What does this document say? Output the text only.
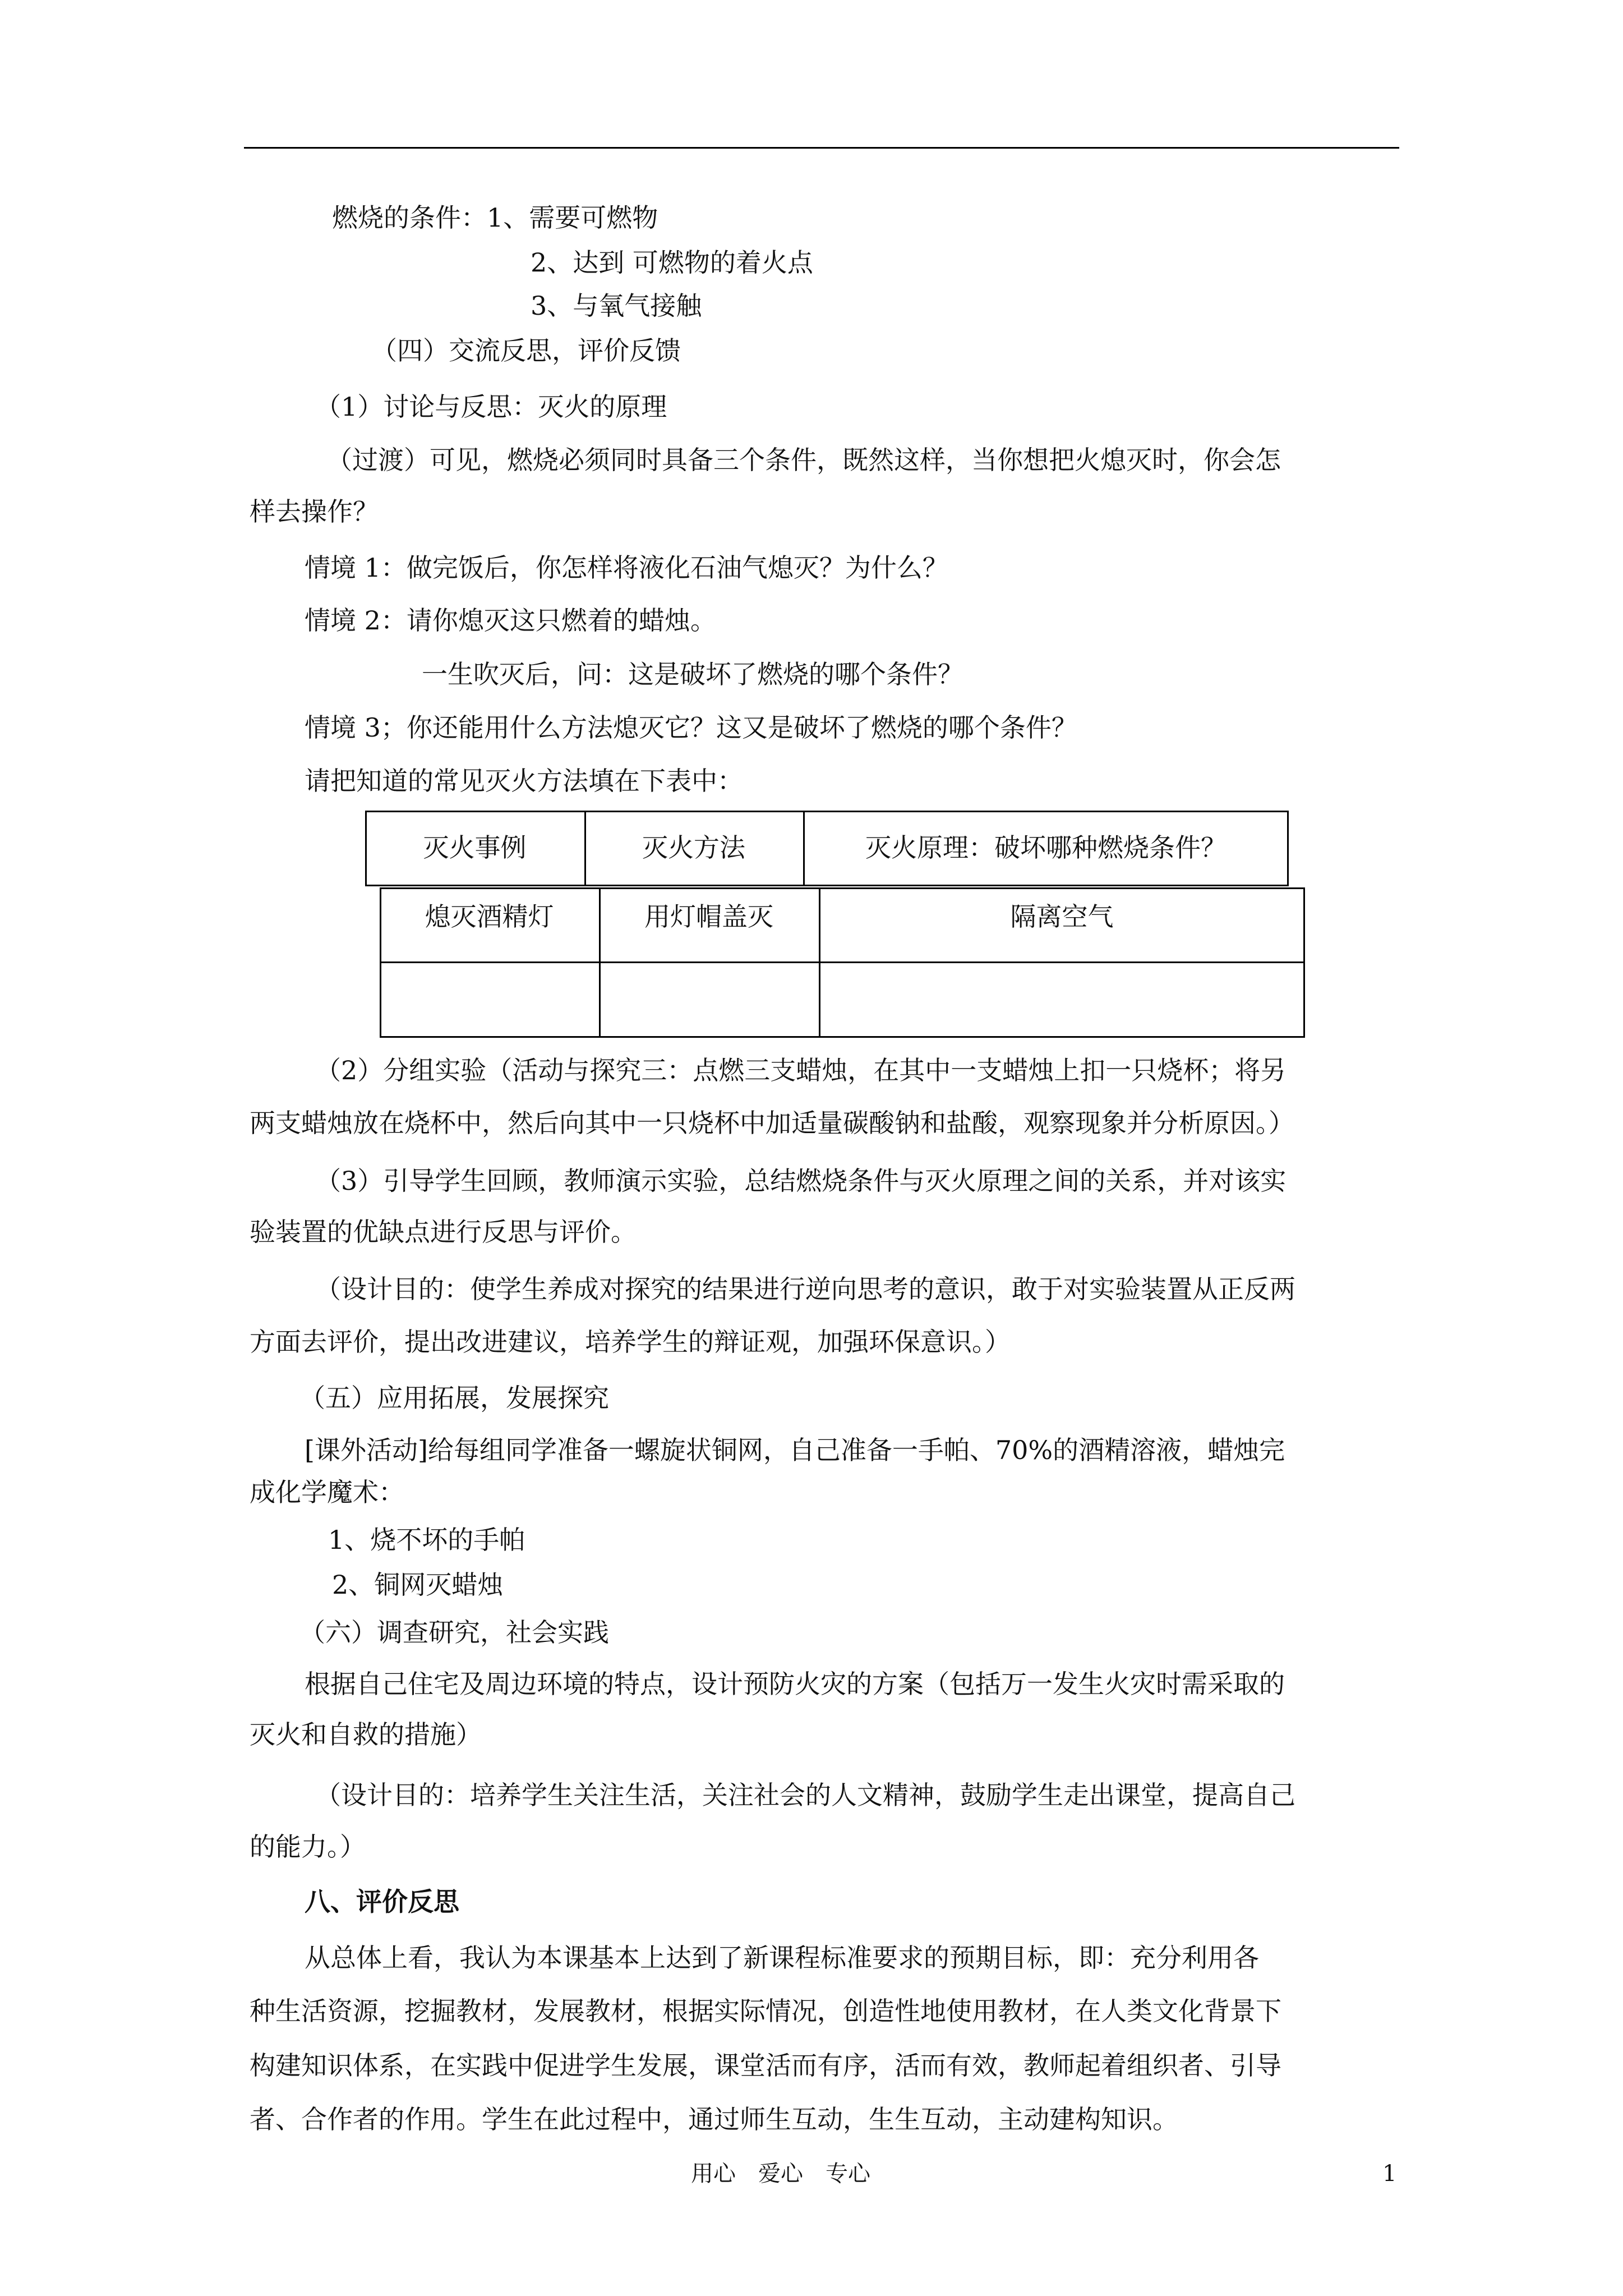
燃烧的条件：1、需要可燃物
2、达到 可燃物的着火点
3、与氧气接触
（四）交流反思，评价反馈
（1）讨论与反思：灭火的原理
（过渡）可见，燃烧必须同时具备三个条件，既然这样，当你想把火熄灭时，你会怎
样去操作？
情境 1：做完饭后，你怎样将液化石油气熄灭？为什么？
情境 2：请你熄灭这只燃着的蜡烛。
一生吹灭后，问：这是破坏了燃烧的哪个条件？
情境 3；你还能用什么方法熄灭它？这又是破坏了燃烧的哪个条件？
请把知道的常见灭火方法填在下表中：
灭火事例	灭火方法	灭火原理：破坏哪种燃烧条件？
熄灭酒精灯	用灯帽盖灭	隔离空气
（2）分组实验（活动与探究三：点燃三支蜡烛，在其中一支蜡烛上扣一只烧杯；将另
两支蜡烛放在烧杯中，然后向其中一只烧杯中加适量碳酸钠和盐酸，观察现象并分析原因。）
（3）引导学生回顾，教师演示实验，总结燃烧条件与灭火原理之间的关系，并对该实
验装置的优缺点进行反思与评价。
（设计目的：使学生养成对探究的结果进行逆向思考的意识，敢于对实验装置从正反两
方面去评价，提出改进建议，培养学生的辩证观，加强环保意识。）
（五）应用拓展，发展探究
[课外活动]给每组同学准备一螺旋状铜网，自己准备一手帕、70%的酒精溶液，蜡烛完
成化学魔术：
1、烧不坏的手帕
2、铜网灭蜡烛
（六）调查研究，社会实践
根据自己住宅及周边环境的特点，设计预防火灾的方案（包括万一发生火灾时需采取的
灭火和自救的措施）
（设计目的：培养学生关注生活，关注社会的人文精神，鼓励学生走出课堂，提高自己
的能力。）
八、评价反思
从总体上看，我认为本课基本上达到了新课程标准要求的预期目标，即：充分利用各
种生活资源，挖掘教材，发展教材，根据实际情况，创造性地使用教材，在人类文化背景下
构建知识体系，在实践中促进学生发展，课堂活而有序，活而有效，教师起着组织者、引导
者、合作者的作用。学生在此过程中，通过师生互动，生生互动，主动建构知识。
用心　爱心　专心	1
